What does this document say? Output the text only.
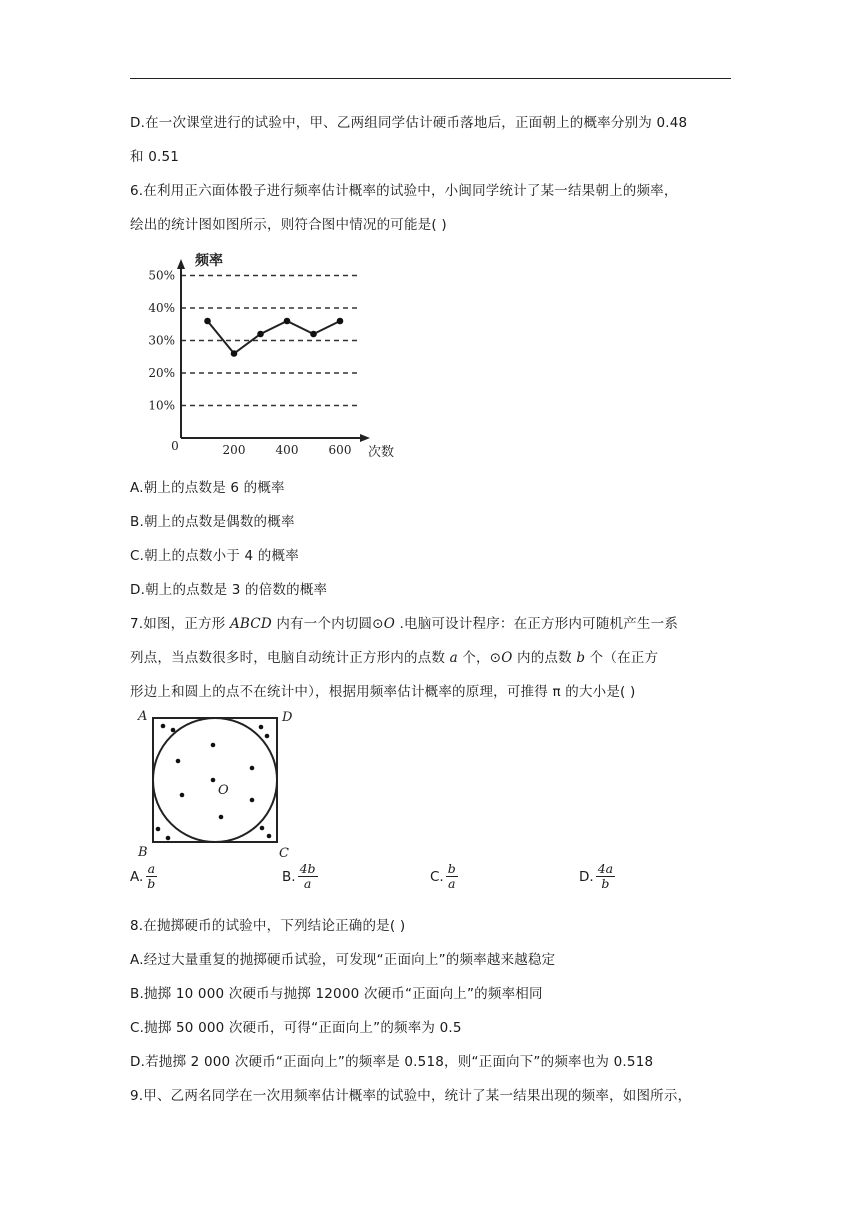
D.在一次课堂进行的试验中，甲、乙两组同学估计硬币落地后，正面朝上的概率分别为 0.48
和 0.51
6.在利用正六面体骰子进行频率估计概率的试验中，小闽同学统计了某一结果朝上的频率，
绘出的统计图如图所示，则符合图中情况的可能是( )
频率
次数
0
10%
20%
30%
40%
50%
200	400	600
A.朝上的点数是 6 的概率
B.朝上的点数是偶数的概率
C.朝上的点数小于 4 的概率
D.朝上的点数是 3 的倍数的概率
7.如图，正方形 ABCD 内有一个内切圆⊙O .电脑可设计程序：在正方形内可随机产生一系
列点，当点数很多时，电脑自动统计正方形内的点数 a 个，⊙O 内的点数 b 个（在正方
形边上和圆上的点不在统计中），根据用频率估计概率的原理，可推得 π 的大小是( )
A	D
B	C
O
A. $\frac{a}{b}$	B. $\frac{4b}{a}$	C. $\frac{b}{a}$	D. $\frac{4a}{b}$
8.在抛掷硬币的试验中，下列结论正确的是( )
A.经过大量重复的抛掷硬币试验，可发现“正面向上”的频率越来越稳定
B.抛掷 10 000 次硬币与抛掷 12000 次硬币“正面向上”的频率相同
C.抛掷 50 000 次硬币，可得“正面向上”的频率为 0.5
D.若抛掷 2 000 次硬币“正面向上”的频率是 0.518，则“正面向下”的频率也为 0.518
9.甲、乙两名同学在一次用频率估计概率的试验中，统计了某一结果出现的频率，如图所示，
